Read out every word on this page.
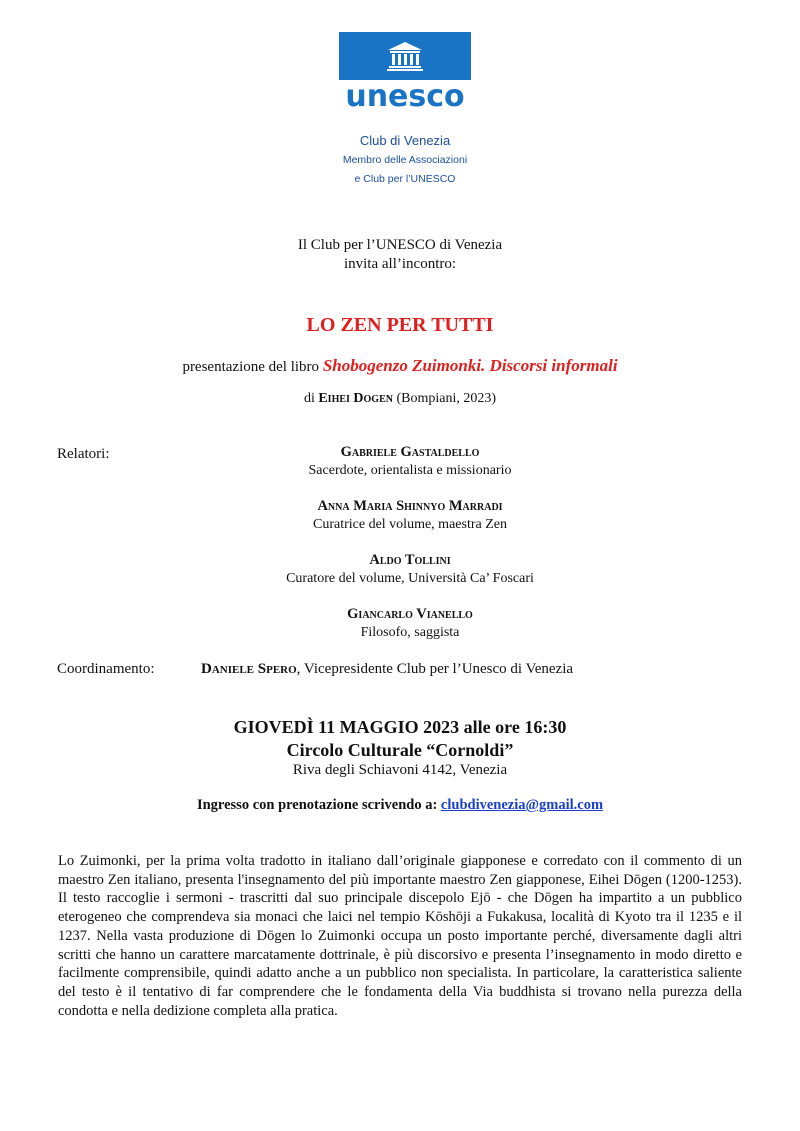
unesco
Club di Venezia
Membro delle Associazioni
e Club per l’UNESCO
Il Club per l’UNESCO di Venezia
invita all’incontro:
LO ZEN PER TUTTI
presentazione del libro Shobogenzo Zuimonki. Discorsi informali
di Eihei Dogen (Bompiani, 2023)
Relatori:	Gabriele Gastaldello
Sacerdote, orientalista e missionario
Anna Maria Shinnyo Marradi
Curatrice del volume, maestra Zen
Aldo Tollini
Curatore del volume, Università Ca’ Foscari
Giancarlo Vianello
Filosofo, saggista
Coordinamento:	Daniele Spero, Vicepresidente Club per l’Unesco di Venezia
GIOVEDÌ 11 MAGGIO 2023 alle ore 16:30
Circolo Culturale “Cornoldi”
Riva degli Schiavoni 4142, Venezia
Ingresso con prenotazione scrivendo a: clubdivenezia@gmail.com
Lo Zuimonki, per la prima volta tradotto in italiano dall’originale giapponese e corredato con il commento di un maestro Zen italiano, presenta l'insegnamento del più importante maestro Zen giapponese, Eihei Dōgen (1200-1253). Il testo raccoglie i sermoni - trascritti dal suo principale discepolo Ejō - che Dōgen ha impartito a un pubblico eterogeneo che comprendeva sia monaci che laici nel tempio Kōshōji a Fukakusa, località di Kyoto tra il 1235 e il 1237. Nella vasta produzione di Dōgen lo Zuimonki occupa un posto importante perché, diversamente dagli altri scritti che hanno un carattere marcatamente dottrinale, è più discorsivo e presenta l’insegnamento in modo diretto e facilmente comprensibile, quindi adatto anche a un pubblico non specialista. In particolare, la caratteristica saliente del testo è il tentativo di far comprendere che le fondamenta della Via buddhista si trovano nella purezza della condotta e nella dedizione completa alla pratica.
